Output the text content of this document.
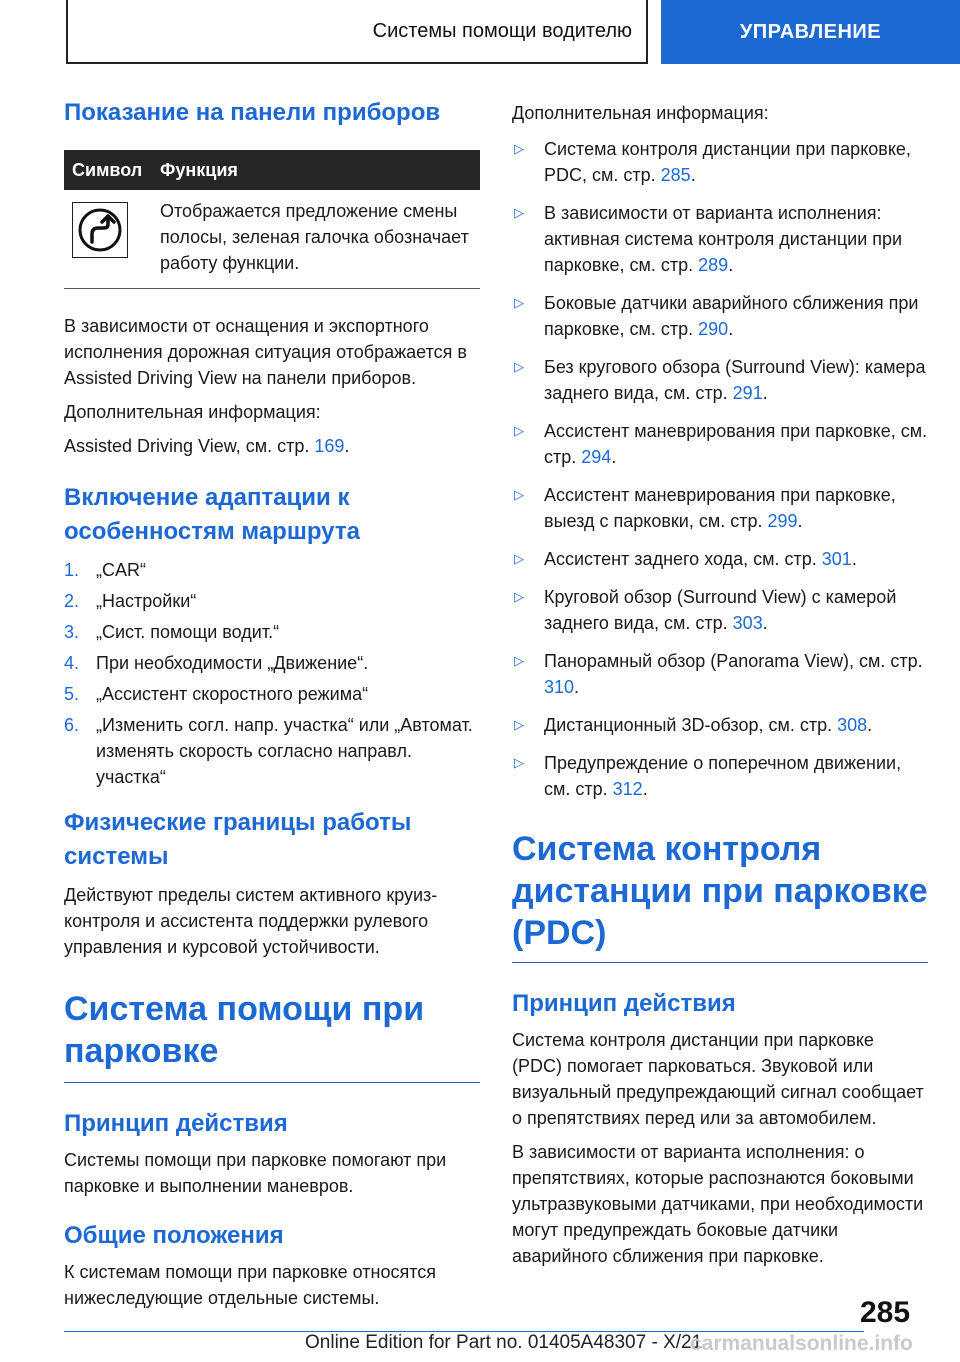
Системы помощи водителю	УПРАВЛЕНИЕ
Показание на панели приборов
Символ Функция
Отображается предложение смены полосы, зеленая галочка обозначает работу функции.

В зависимости от оснащения и экспортного исполнения дорожная ситуация отображается в Assisted Driving View на панели приборов.

Дополнительная информация:

Assisted Driving View, см. стр. 169.

Включение адаптации к особенностям маршрута
1. „CAR“
2. „Настройки“
3. „Сист. помощи водит.“
4. При необходимости „Движение“.
5. „Ассистент скоростного режима“
6. „Изменить согл. напр. участка“ или „Автомат. изменять скорость согласно направл. участка“
Физические границы работы системы

Действуют пределы систем активного круиз-контроля и ассистента поддержки рулевого управления и курсовой устойчивости.

Система помощи при парковке
Принцип действия

Системы помощи при парковке помогают при парковке и выполнении маневров.

Общие положения

К системам помощи при парковке относятся нижеследующие отдельные системы.

Дополнительная информация:

▷	Система контроля дистанции при парковке, PDC, см. стр. 285.
▷	В зависимости от варианта исполнения: активная система контроля дистанции при парковке, см. стр. 289.
▷	Боковые датчики аварийного сближения при парковке, см. стр. 290.
▷	Без кругового обзора (Surround View): камера заднего вида, см. стр. 291.
▷	Ассистент маневрирования при парковке, см. стр. 294.
▷	Ассистент маневрирования при парковке, выезд с парковки, см. стр. 299.
▷	Ассистент заднего хода, см. стр. 301.
▷	Круговой обзор (Surround View) с камерой заднего вида, см. стр. 303.
▷	Панорамный обзор (Panorama View), см. стр. 310.
▷	Дистанционный 3D-обзор, см. стр. 308.
▷	Предупреждение о поперечном движении, см. стр. 312.
Система контроля дистанции при парковке (PDC)
Принцип действия

Система контроля дистанции при парковке (PDC) помогает парковаться. Звуковой или визуальный предупреждающий сигнал сообщает о препятствиях перед или за автомобилем.

В зависимости от варианта исполнения: о препятствиях, которые распознаются боковыми ультразвуковыми датчиками, при необходимости могут предупреждать боковые датчики аварийного сближения при парковке.

285
Online Edition for Part no. 01405A48307 - X/21
carmanualsonline.info
